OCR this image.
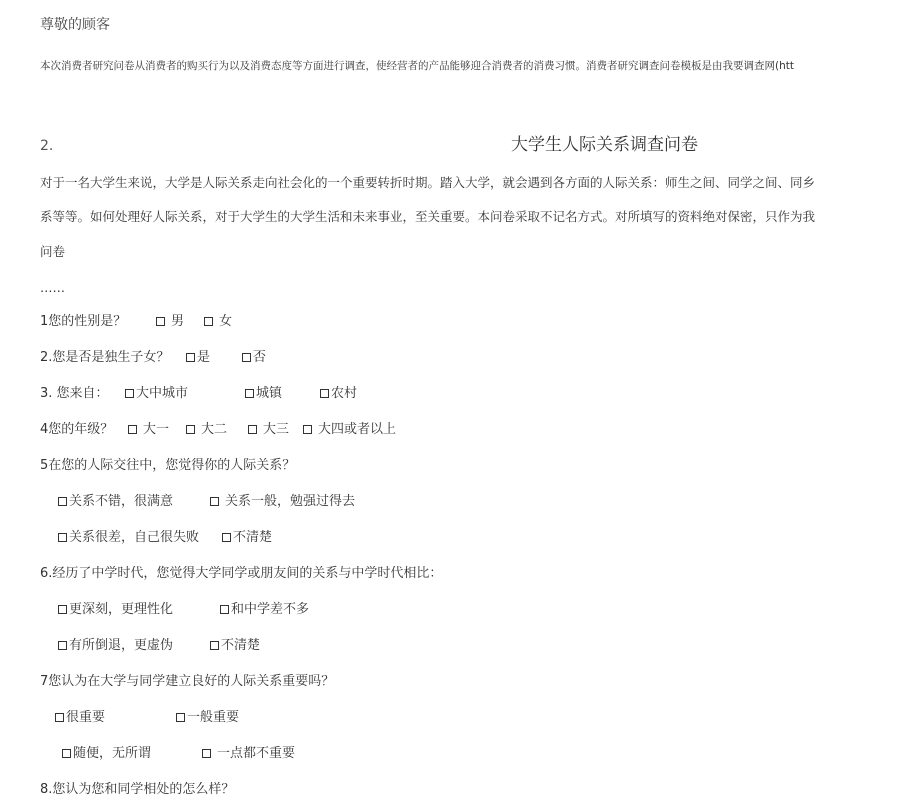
尊敬的顾客
本次消费者研究问卷从消费者的购买行为以及消费态度等方面进行调查，使经营者的产品能够迎合消费者的消费习惯。消费者研究调查问卷模板是由我要调查网(htt
2.	大学生人际关系调查问卷
对于一名大学生来说，大学是人际关系走向社会化的一个重要转折时期。踏入大学，就会遇到各方面的人际关系：师生之间、同学之间、同乡
系等等。如何处理好人际关系，对于大学生的大学生活和未来事业，至关重要。本问卷采取不记名方式。对所填写的资料绝对保密，只作为我
问卷
……
1您的性别是？	男	女
2.您是否是独生子女？	是	否
3. 您来自：	大中城市	城镇	农村
4您的年级？	大一	大二	大三	大四或者以上
5在您的人际交往中，您觉得你的人际关系？
关系不错，很满意	关系一般，勉强过得去
关系很差，自己很失败	不清楚
6.经历了中学时代，您觉得大学同学或朋友间的关系与中学时代相比：
更深刻，更理性化	和中学差不多
有所倒退，更虚伪	不清楚
7您认为在大学与同学建立良好的人际关系重要吗？
很重要	一般重要
随便，无所谓	一点都不重要
8.您认为您和同学相处的怎么样？
